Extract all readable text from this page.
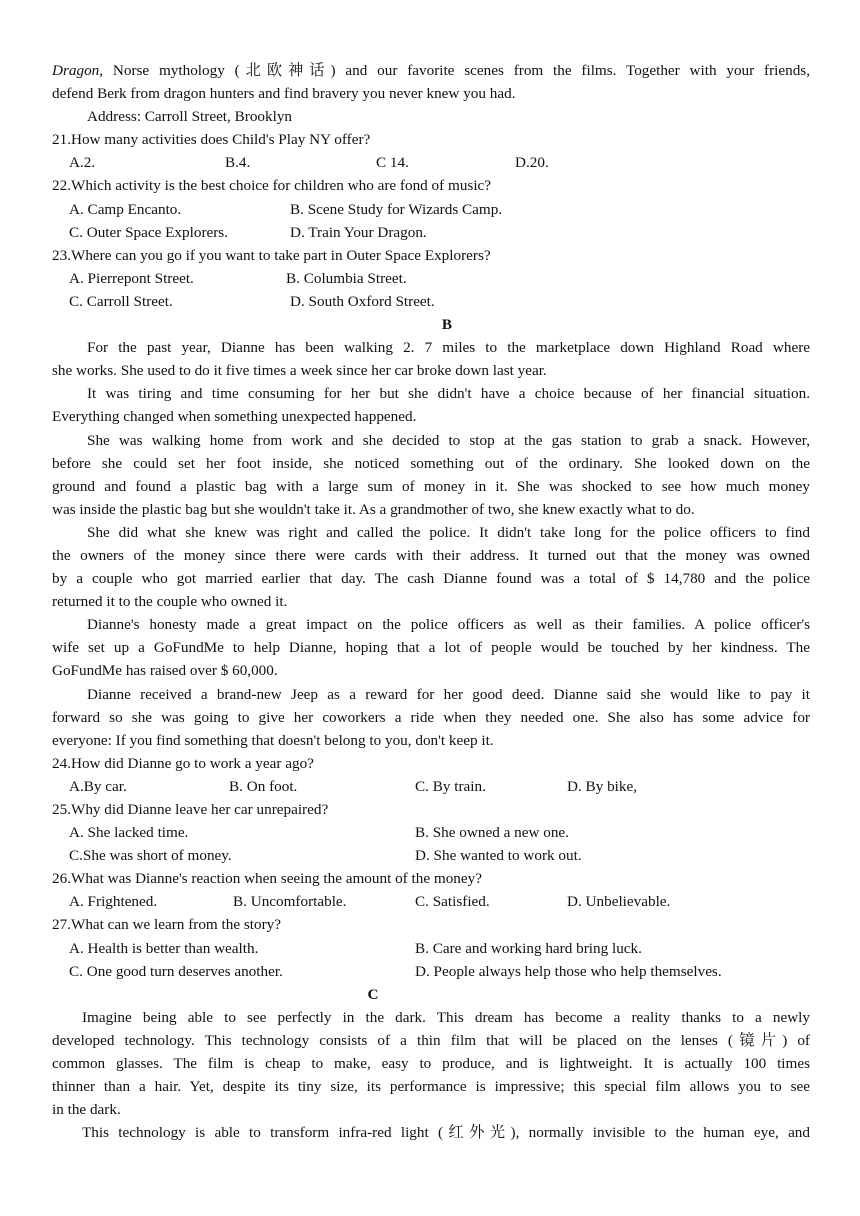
Dragon, Norse mythology (北欧神话) and our favorite scenes from the films. Together with your friends,
defend Berk from dragon hunters and find bravery you never knew you had.
Address: Carroll Street, Brooklyn
21.How many activities does Child's Play NY offer?
A.2.	B.4.	C 14.	D.20.
22.Which activity is the best choice for children who are fond of music?
A. Camp Encanto.	B. Scene Study for Wizards Camp.
C. Outer Space Explorers.	D. Train Your Dragon.
23.Where can you go if you want to take part in Outer Space Explorers?
A. Pierrepont Street.	B. Columbia Street.
C. Carroll Street.	D. South Oxford Street.
B
For the past year, Dianne has been walking 2. 7 miles to the marketplace down Highland Road where
she works. She used to do it five times a week since her car broke down last year.
It was tiring and time consuming for her but she didn't have a choice because of her financial situation.
Everything changed when something unexpected happened.
She was walking home from work and she decided to stop at the gas station to grab a snack. However,
before she could set her foot inside, she noticed something out of the ordinary. She looked down on the
ground and found a plastic bag with a large sum of money in it. She was shocked to see how much money
was inside the plastic bag but she wouldn't take it. As a grandmother of two, she knew exactly what to do.
She did what she knew was right and called the police. It didn't take long for the police officers to find
the owners of the money since there were cards with their address. It turned out that the money was owned
by a couple who got married earlier that day. The cash Dianne found was a total of $ 14,780 and the police
returned it to the couple who owned it.
Dianne's honesty made a great impact on the police officers as well as their families. A police officer's
wife set up a GoFundMe to help Dianne, hoping that a lot of people would be touched by her kindness. The
GoFundMe has raised over $ 60,000.
Dianne received a brand-new Jeep as a reward for her good deed. Dianne said she would like to pay it
forward so she was going to give her coworkers a ride when they needed one. She also has some advice for
everyone: If you find something that doesn't belong to you, don't keep it.
24.How did Dianne go to work a year ago?
A.By car.	B. On foot.	C. By train.	D. By bike,
25.Why did Dianne leave her car unrepaired?
A. She lacked time.	B. She owned a new one.
C.She was short of money.	D. She wanted to work out.
26.What was Dianne's reaction when seeing the amount of the money?
A. Frightened.	B. Uncomfortable.	C. Satisfied.	D. Unbelievable.
27.What can we learn from the story?
A. Health is better than wealth.	B. Care and working hard bring luck.
C. One good turn deserves another.	D. People always help those who help themselves.
C
Imagine being able to see perfectly in the dark. This dream has become a reality thanks to a newly
developed technology. This technology consists of a thin film that will be placed on the lenses (镜片) of
common glasses. The film is cheap to make, easy to produce, and is lightweight. It is actually 100 times
thinner than a hair. Yet, despite its tiny size, its performance is impressive; this special film allows you to see
in the dark.
This technology is able to transform infra-red light (红外光), normally invisible to the human eye, and
